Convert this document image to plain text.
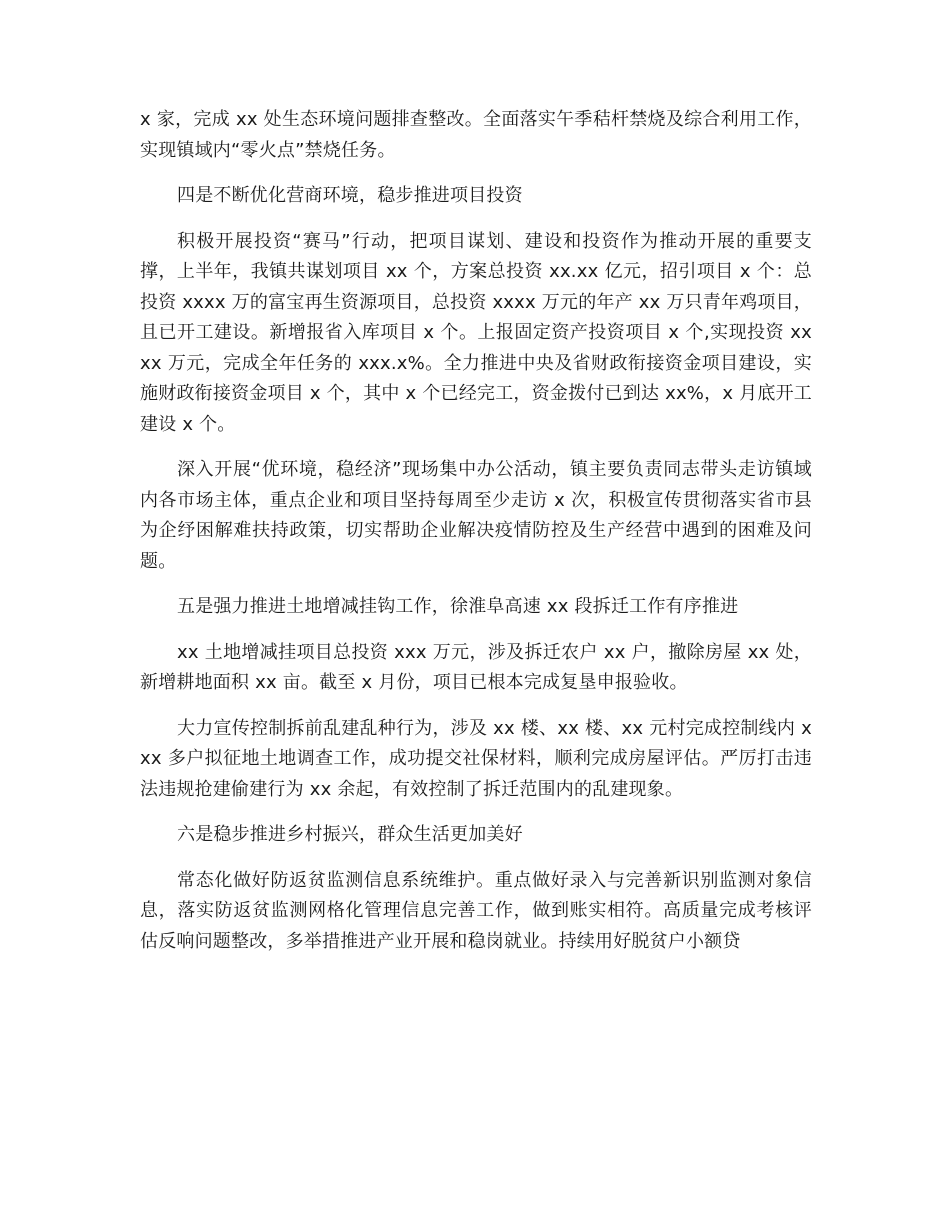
x 家，完成 xx 处生态环境问题排查整改。全面落实午季秸杆禁烧及综合利用工作，实现镇域内“零火点”禁烧任务。

四是不断优化营商环境，稳步推进项目投资

积极开展投资“赛马”行动，把项目谋划、建设和投资作为推动开展的重要支撑，上半年，我镇共谋划项目 xx 个，方案总投资 xx.xx 亿元，招引项目 x 个：总投资 xxxx 万的富宝再生资源项目，总投资 xxxx 万元的年产 xx 万只青年鸡项目，且已开工建设。新增报省入库项目 x 个。上报固定资产投资项目 x 个,实现投资 xxxx 万元，完成全年任务的 xxx.x%。全力推进中央及省财政衔接资金项目建设，实施财政衔接资金项目 x 个，其中 x 个已经完工，资金拨付已到达 xx%，x 月底开工建设 x 个。

深入开展“优环境，稳经济”现场集中办公活动，镇主要负责同志带头走访镇域内各市场主体，重点企业和项目坚持每周至少走访 x 次，积极宣传贯彻落实省市县为企纾困解难扶持政策，切实帮助企业解决疫情防控及生产经营中遇到的困难及问题。

五是强力推进土地增减挂钩工作，徐淮阜高速 xx 段拆迁工作有序推进

xx 土地增减挂项目总投资 xxx 万元，涉及拆迁农户 xx 户，撤除房屋 xx 处，新增耕地面积 xx 亩。截至 x 月份，项目已根本完成复垦申报验收。

大力宣传控制拆前乱建乱种行为，涉及 xx 楼、xx 楼、xx 元村完成控制线内 xxx 多户拟征地土地调查工作，成功提交社保材料，顺利完成房屋评估。严厉打击违法违规抢建偷建行为 xx 余起，有效控制了拆迁范围内的乱建现象。

六是稳步推进乡村振兴，群众生活更加美好

常态化做好防返贫监测信息系统维护。重点做好录入与完善新识别监测对象信息，落实防返贫监测网格化管理信息完善工作，做到账实相符。高质量完成考核评估反响问题整改，多举措推进产业开展和稳岗就业。持续用好脱贫户小额贷
